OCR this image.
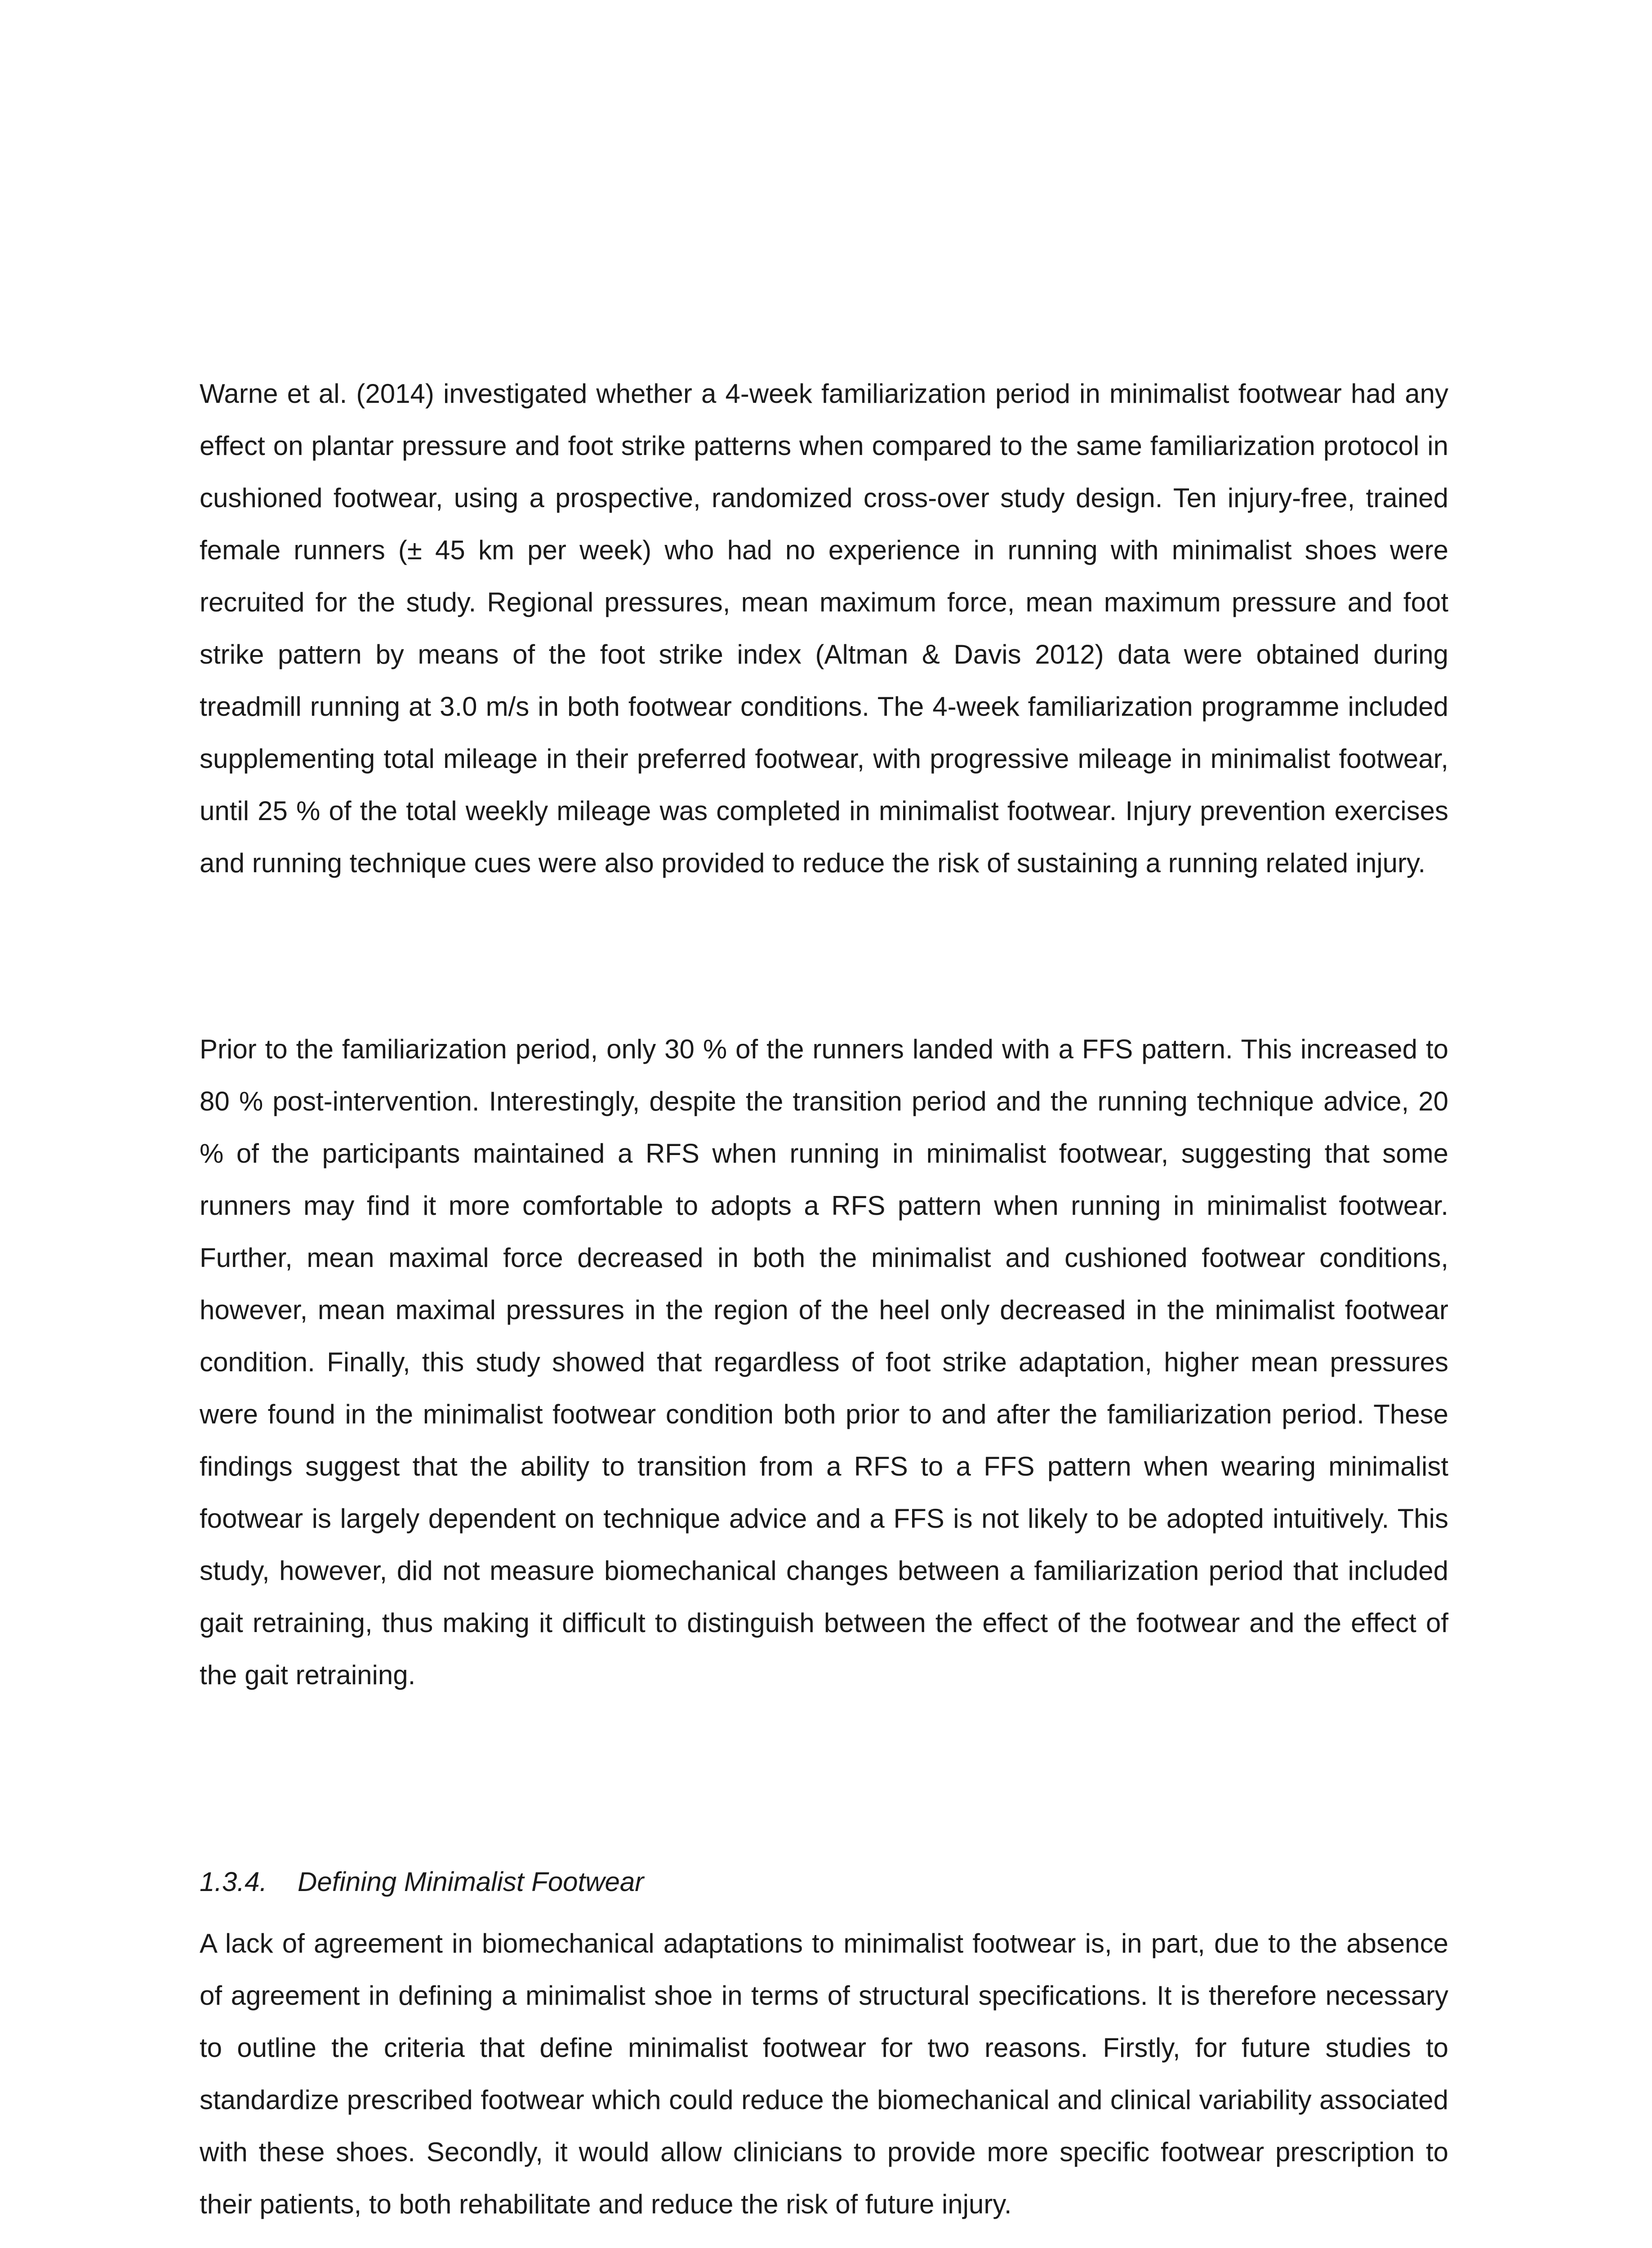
Warne et al. (2014) investigated whether a 4-week familiarization period in minimalist footwear had any effect on plantar pressure and foot strike patterns when compared to the same familiarization protocol in cushioned footwear, using a prospective, randomized cross-over study design. Ten injury-free, trained female runners (± 45 km per week) who had no experience in running with minimalist shoes were recruited for the study. Regional pressures, mean maximum force, mean maximum pressure and foot strike pattern by means of the foot strike index (Altman & Davis 2012) data were obtained during treadmill running at 3.0 m/s in both footwear conditions. The 4-week familiarization programme included supplementing total mileage in their preferred footwear, with progressive mileage in minimalist footwear, until 25 % of the total weekly mileage was completed in minimalist footwear. Injury prevention exercises and running technique cues were also provided to reduce the risk of sustaining a running related injury.

Prior to the familiarization period, only 30 % of the runners landed with a FFS pattern. This increased to 80 % post-intervention. Interestingly, despite the transition period and the running technique advice, 20 % of the participants maintained a RFS when running in minimalist footwear, suggesting that some runners may find it more comfortable to adopts a RFS pattern when running in minimalist footwear. Further, mean maximal force decreased in both the minimalist and cushioned footwear conditions, however, mean maximal pressures in the region of the heel only decreased in the minimalist footwear condition. Finally, this study showed that regardless of foot strike adaptation, higher mean pressures were found in the minimalist footwear condition both prior to and after the familiarization period. These findings suggest that the ability to transition from a RFS to a FFS pattern when wearing minimalist footwear is largely dependent on technique advice and a FFS is not likely to be adopted intuitively. This study, however, did not measure biomechanical changes between a familiarization period that included gait retraining, thus making it difficult to distinguish between the effect of the footwear and the effect of the gait retraining.

1.3.4. Defining Minimalist Footwear

A lack of agreement in biomechanical adaptations to minimalist footwear is, in part, due to the absence of agreement in defining a minimalist shoe in terms of structural specifications. It is therefore necessary to outline the criteria that define minimalist footwear for two reasons. Firstly, for future studies to standardize prescribed footwear which could reduce the biomechanical and clinical variability associated with these shoes. Secondly, it would allow clinicians to provide more specific footwear prescription to their patients, to both rehabilitate and reduce the risk of future injury.
